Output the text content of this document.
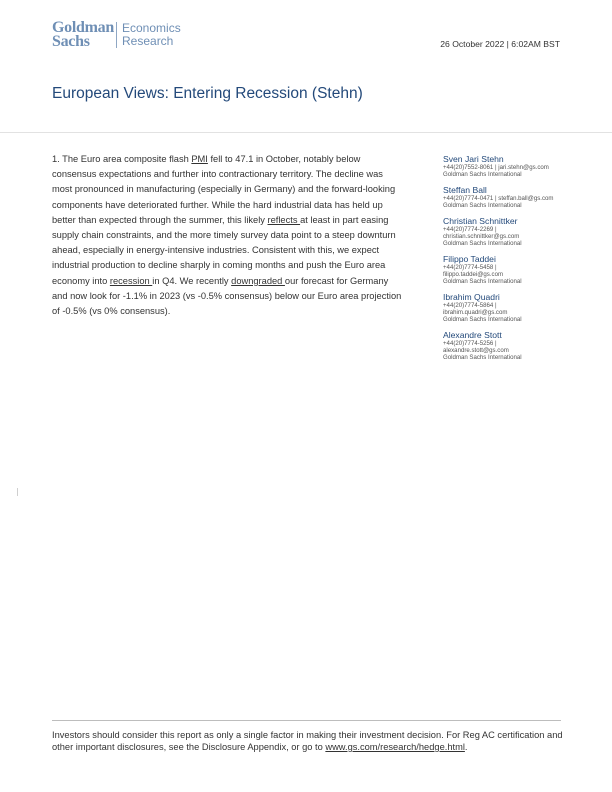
Goldman
Sachs
Economics
Research	26 October 2022 | 6:02AM BST
European Views: Entering Recession (Stehn)

1. The Euro area composite flash PMI fell to 47.1 in October, notably below consensus expectations and further into contractionary territory. The decline was most pronounced in manufacturing (especially in Germany) and the forward-looking components have deteriorated further. While the hard industrial data has held up better than expected through the summer, this likely reflects at least in part easing supply chain constraints, and the more timely survey data point to a steep downturn ahead, especially in energy-intensive industries. Consistent with this, we expect industrial production to decline sharply in coming months and push the Euro area economy into recession in Q4. We recently downgraded our forecast for Germany and now look for -1.1% in 2023 (vs -0.5% consensus) below our Euro area projection of -0.5% (vs 0% consensus).

Sven Jari Stehn
+44(20)7552-8061 | jari.stehn@gs.com
Goldman Sachs International
Steffan Ball
+44(20)7774-0471 | steffan.ball@gs.com
Goldman Sachs International
Christian Schnittker
+44(20)7774-2269 |
christian.schnittker@gs.com
Goldman Sachs International
Filippo Taddei
+44(20)7774-5458 |
filippo.taddei@gs.com
Goldman Sachs International
Ibrahim Quadri
+44(20)7774-5864 |
ibrahim.quadri@gs.com
Goldman Sachs International
Alexandre Stott
+44(20)7774-5256 |
alexandre.stott@gs.com
Goldman Sachs International
Investors should consider this report as only a single factor in making their investment decision. For Reg AC certification and other important disclosures, see the Disclosure Appendix, or go to www.gs.com/research/hedge.html.
